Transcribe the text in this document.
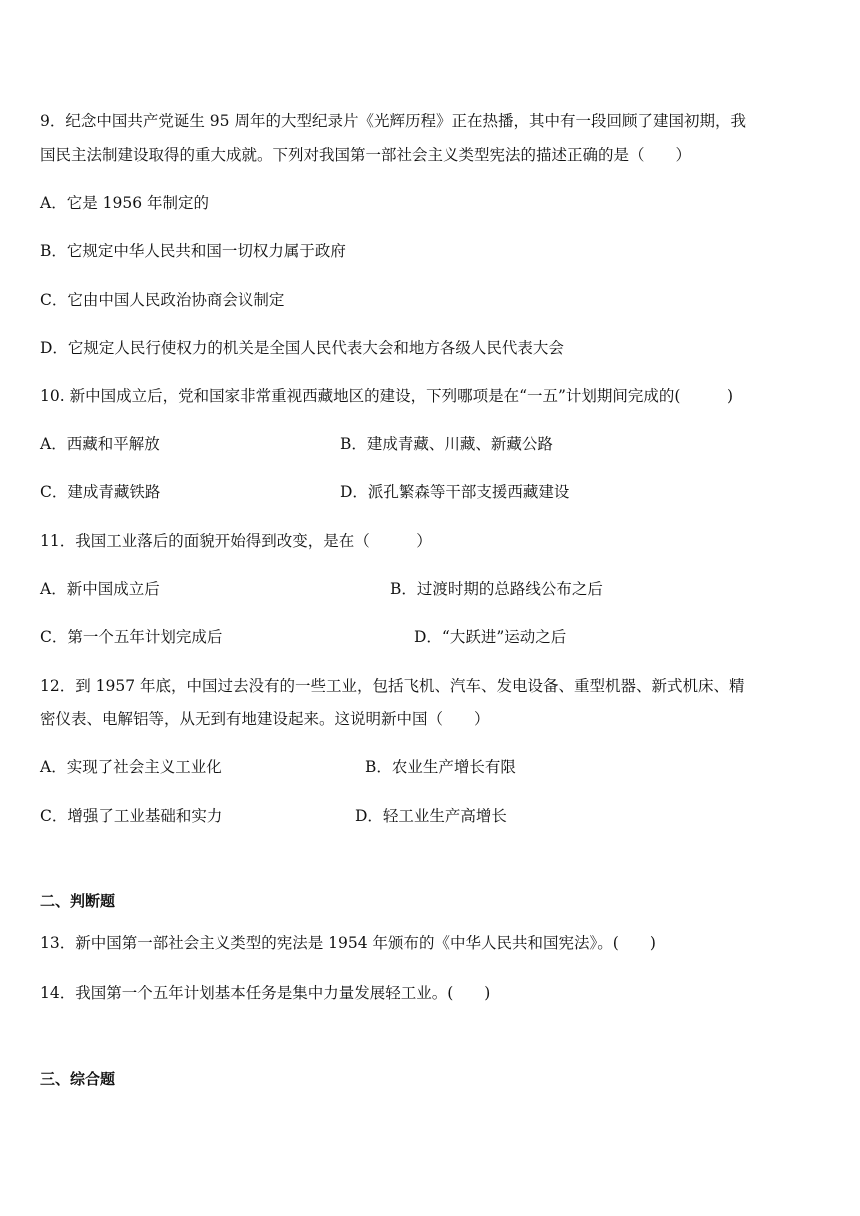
9．纪念中国共产党诞生 95 周年的大型纪录片《光辉历程》正在热播，其中有一段回顾了建国初期，我
国民主法制建设取得的重大成就。下列对我国第一部社会主义类型宪法的描述正确的是（　　）
A．它是 1956 年制定的
B．它规定中华人民共和国一切权力属于政府
C．它由中国人民政治协商会议制定
D．它规定人民行使权力的机关是全国人民代表大会和地方各级人民代表大会
10. 新中国成立后，党和国家非常重视西藏地区的建设，下列哪项是在“一五”计划期间完成的(　　　)
A．西藏和平解放	B．建成青藏、川藏、新藏公路
C．建成青藏铁路	D．派孔繁森等干部支援西藏建设
11．我国工业落后的面貌开始得到改变，是在（　　　）
A．新中国成立后	B．过渡时期的总路线公布之后
C．第一个五年计划完成后	D．“大跃进”运动之后
12．到 1957 年底，中国过去没有的一些工业，包括飞机、汽车、发电设备、重型机器、新式机床、精
密仪表、电解铝等，从无到有地建设起来。这说明新中国（　　）
A．实现了社会主义工业化	B．农业生产增长有限
C．增强了工业基础和实力	D．轻工业生产高增长
二、判断题
13．新中国第一部社会主义类型的宪法是 1954 年颁布的《中华人民共和国宪法》。(　　)
14．我国第一个五年计划基本任务是集中力量发展轻工业。(　　)
三、综合题
